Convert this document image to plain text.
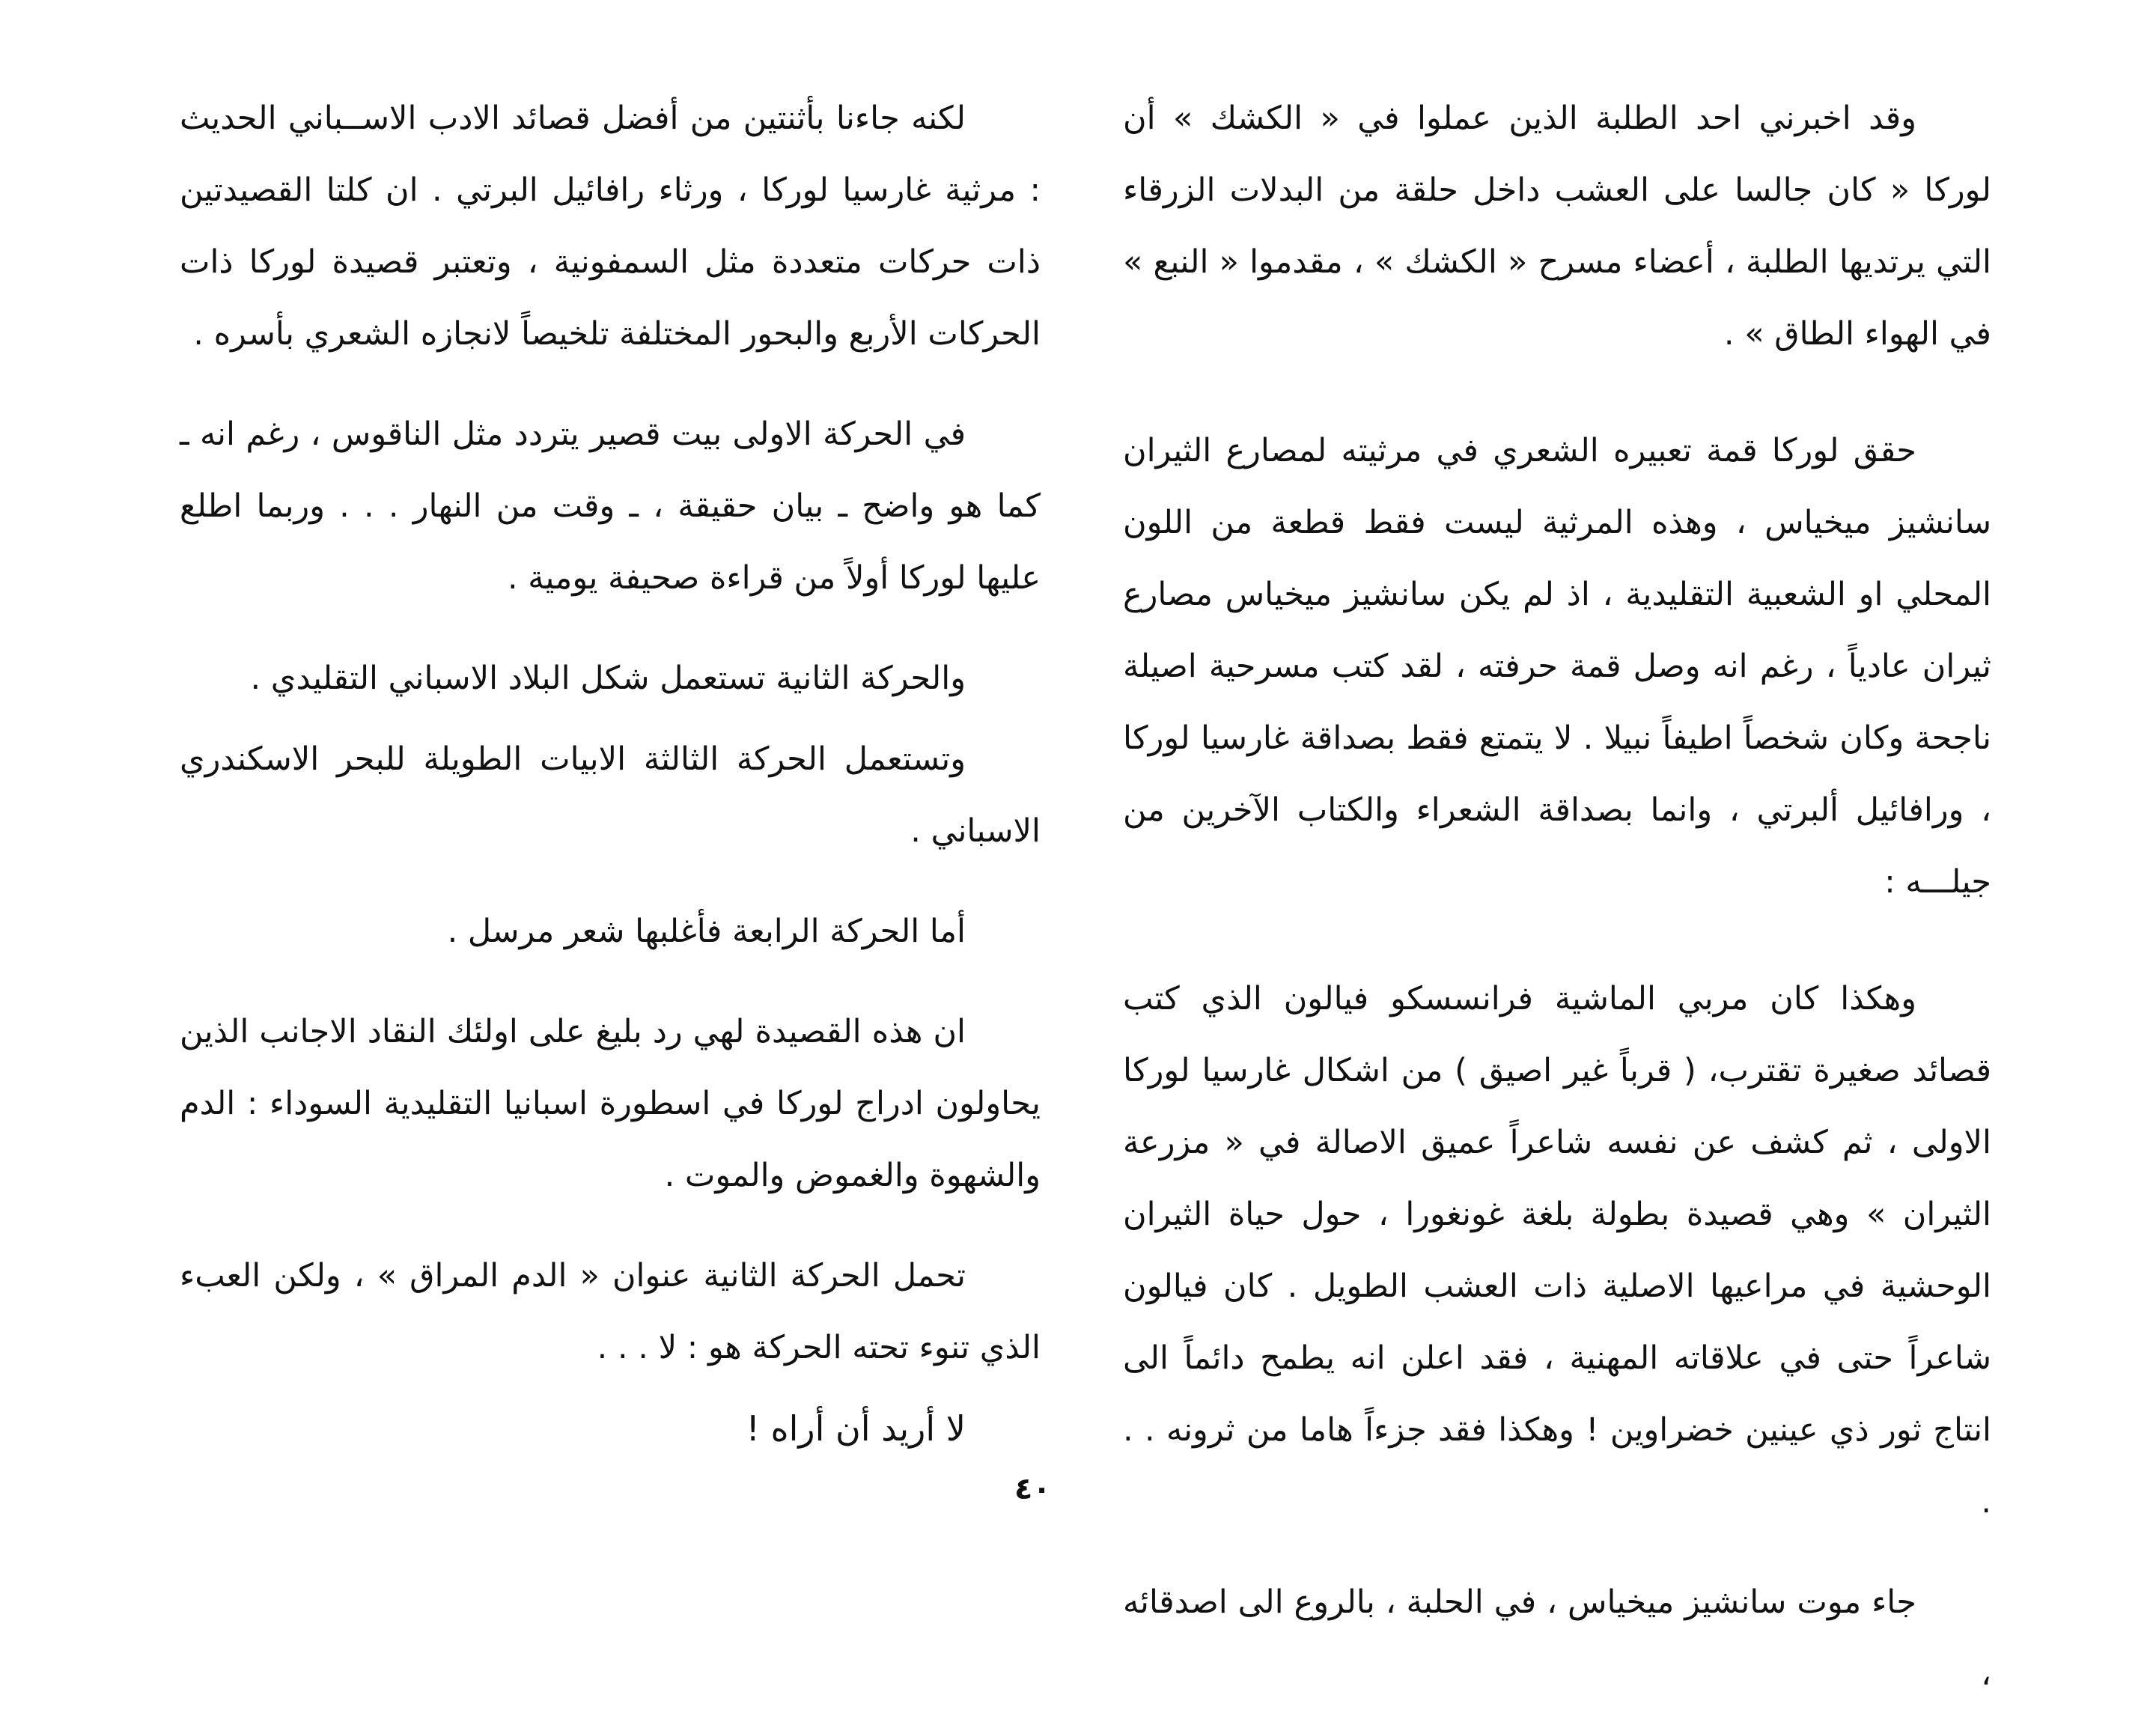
وقد اخبرني احد الطلبة الذين عملوا في « الكشك » أن لوركا « كان جالسا على العشب داخل حلقة من البدلات الزرقاء التي يرتديها الطلبة ، أعضاء مسرح « الكشك » ، مقدموا « النبع » في الهواء الطاق » .

حقق لوركا قمة تعبيره الشعري في مرثيته لمصارع الثيران سانشيز ميخياس ، وهذه المرثية ليست فقط قطعة من اللون المحلي او الشعبية التقليدية ، اذ لم يكن سانشيز ميخياس مصارع ثيران عادياً ، رغم انه وصل قمة حرفته ، لقد كتب مسرحية اصيلة ناجحة وكان شخصاً اطيفاً نبيلا . لا يتمتع فقط بصداقة غارسيا لوركا ، ورافائيل ألبرتي ، وانما بصداقة الشعراء والكتاب الآخرين من جيلـــه :

وهكذا كان مربي الماشية فرانسسكو فيالون الذي كتب قصائد صغيرة تقترب، ( قرباً غير اصيق ) من اشكال غارسيا لوركا الاولى ، ثم كشف عن نفسه شاعراً عميق الاصالة في « مزرعة الثيران » وهي قصيدة بطولة بلغة غونغورا ، حول حياة الثيران الوحشية في مراعيها الاصلية ذات العشب الطويل . كان فيالون شاعراً حتى في علاقاته المهنية ، فقد اعلن انه يطمح دائماً الى انتاج ثور ذي عينين خضراوين ! وهكذا فقد جزءاً هاما من ثرونه . . .

جاء موت سانشيز ميخياس ، في الحلبة ، بالروع الى اصدقائه ،

لكنه جاءنا بأثنتين من أفضل قصائد الادب الاســباني الحديث : مرثية غارسيا لوركا ، ورثاء رافائيل البرتي . ان كلتا القصيدتين ذات حركات متعددة مثل السمفونية ، وتعتبر قصيدة لوركا ذات الحركات الأربع والبحور المختلفة تلخيصاً لانجازه الشعري بأسره .

في الحركة الاولى بيت قصير يتردد مثل الناقوس ، رغم انه ـ كما هو واضح ـ بيان حقيقة ، ـ وقت من النهار . . . وربما اطلع عليها لوركا أولاً من قراءة صحيفة يومية .

والحركة الثانية تستعمل شكل البلاد الاسباني التقليدي .

وتستعمل الحركة الثالثة الابيات الطويلة للبحر الاسكندري الاسباني .

أما الحركة الرابعة فأغلبها شعر مرسل .

ان هذه القصيدة لهي رد بليغ على اولئك النقاد الاجانب الذين يحاولون ادراج لوركا في اسطورة اسبانيا التقليدية السوداء : الدم والشهوة والغموض والموت .

تحمل الحركة الثانية عنوان « الدم المراق » ، ولكن العبء الذي تنوء تحته الحركة هو : لا . . .

لا أريد أن أراه !

٤٠
